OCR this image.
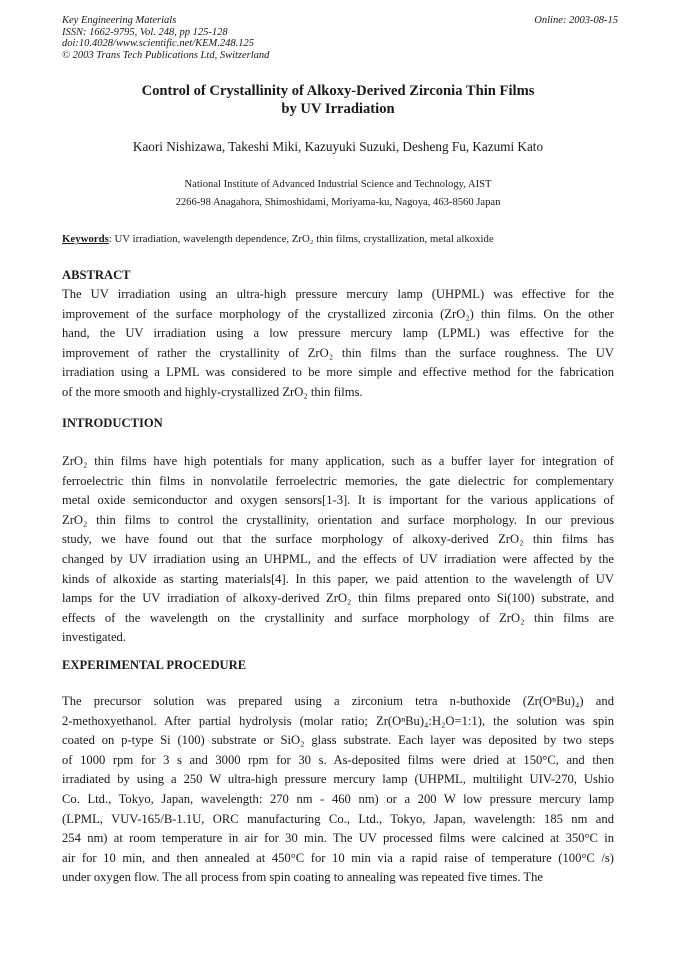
Key Engineering Materials
ISSN: 1662-9795, Vol. 248, pp 125-128
doi:10.4028/www.scientific.net/KEM.248.125
© 2003 Trans Tech Publications Ltd, Switzerland
Online: 2003-08-15
Control of Crystallinity of Alkoxy-Derived Zirconia Thin Films
by UV Irradiation
Kaori Nishizawa, Takeshi Miki, Kazuyuki Suzuki, Desheng Fu, Kazumi Kato
National Institute of Advanced Industrial Science and Technology, AIST
2266-98 Anagahora, Shimoshidami, Moriyama-ku, Nagoya, 463-8560 Japan
Keywords: UV irradiation, wavelength dependence, ZrO₂ thin films, crystallization, metal alkoxide
ABSTRACT

The UV irradiation using an ultra-high pressure mercury lamp (UHPML) was effective for the
improvement of the surface morphology of the crystallized zirconia (ZrO₂) thin films. On the other
hand, the UV irradiation using a low pressure mercury lamp (LPML) was effective for the
improvement of rather the crystallinity of ZrO₂ thin films than the surface roughness. The UV
irradiation using a LPML was considered to be more simple and effective method for the fabrication
of the more smooth and highly-crystallized ZrO₂ thin films.

INTRODUCTION

ZrO₂ thin films have high potentials for many application, such as a buffer layer for integration of
ferroelectric thin films in nonvolatile ferroelectric memories, the gate dielectric for complementary
metal oxide semiconductor and oxygen sensors[1-3]. It is important for the various applications of
ZrO₂ thin films to control the crystallinity, orientation and surface morphology. In our previous
study, we have found out that the surface morphology of alkoxy-derived ZrO₂ thin films has
changed by UV irradiation using an UHPML, and the effects of UV irradiation were affected by the
kinds of alkoxide as starting materials[4]. In this paper, we paid attention to the wavelength of UV
lamps for the UV irradiation of alkoxy-derived ZrO₂ thin films prepared onto Si(100) substrate, and
effects of the wavelength on the crystallinity and surface morphology of ZrO₂ thin films are
investigated.

EXPERIMENTAL PROCEDURE

The precursor solution was prepared using a zirconium tetra n-buthoxide (Zr(OⁿBu)₄) and
2-methoxyethanol. After partial hydrolysis (molar ratio; Zr(OⁿBu)₄:H₂O=1:1), the solution was spin
coated on p-type Si (100) substrate or SiO₂ glass substrate. Each layer was deposited by two steps
of 1000 rpm for 3 s and 3000 rpm for 30 s. As-deposited films were dried at 150°C, and then
irradiated by using a 250 W ultra-high pressure mercury lamp (UHPML, multilight UIV-270, Ushio
Co. Ltd., Tokyo, Japan, wavelength: 270 nm - 460 nm) or a 200 W low pressure mercury lamp
(LPML, VUV-165/B-1.1U, ORC manufacturing Co., Ltd., Tokyo, Japan, wavelength: 185 nm and
254 nm) at room temperature in air for 30 min. The UV processed films were calcined at 350°C in
air for 10 min, and then annealed at 450°C for 10 min via a rapid raise of temperature (100°C /s)
under oxygen flow. The all process from spin coating to annealing was repeated five times. The
